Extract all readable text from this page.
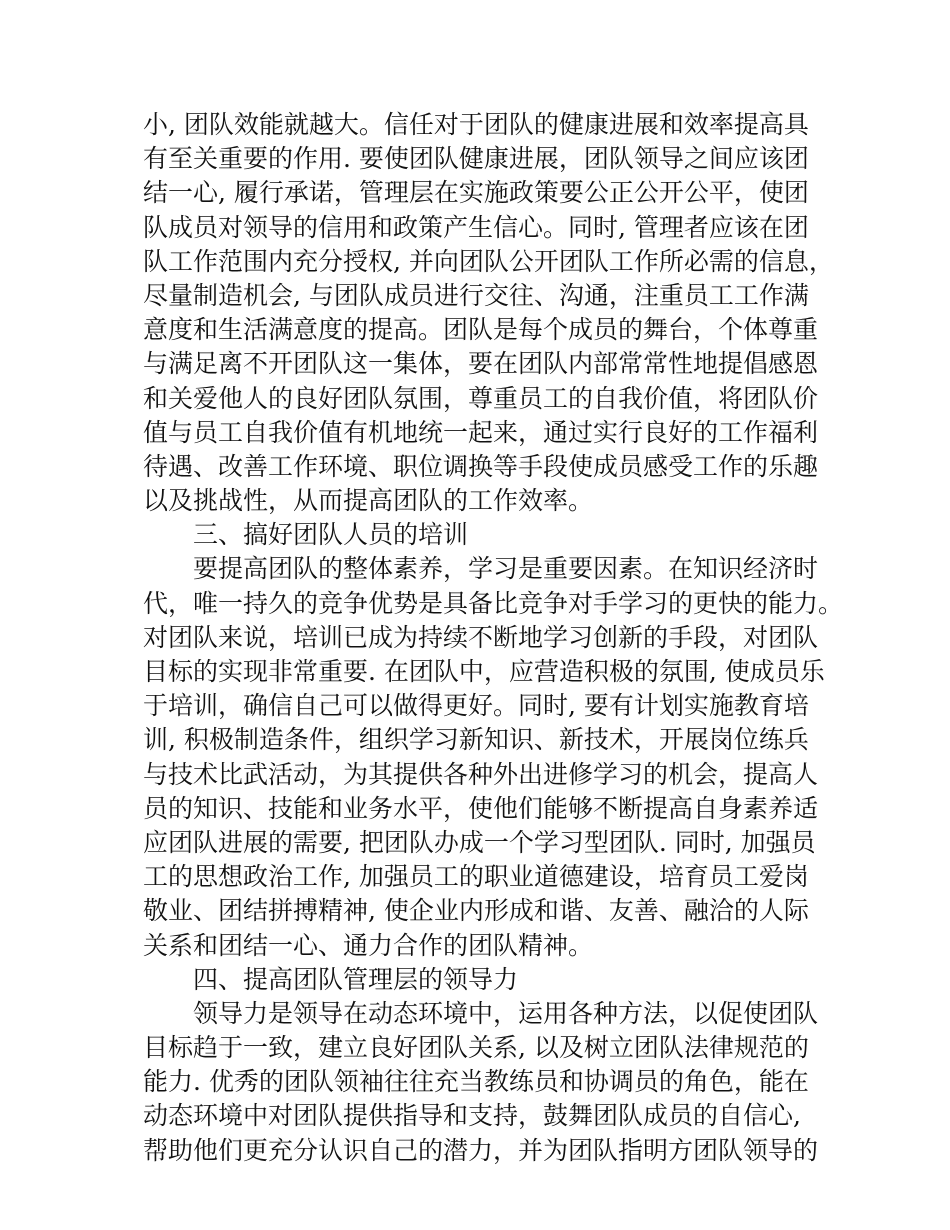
小, 团队效能就越大。信任对于团队的健康进展和效率提高具
有至关重要的作用. 要使团队健康进展，团队领导之间应该团
结一心, 履行承诺，管理层在实施政策要公正公开公平，使团
队成员对领导的信用和政策产生信心。同时, 管理者应该在团
队工作范围内充分授权, 并向团队公开团队工作所必需的信息，
尽量制造机会, 与团队成员进行交往、沟通，注重员工工作满
意度和生活满意度的提高。团队是每个成员的舞台，个体尊重
与满足离不开团队这一集体，要在团队内部常常性地提倡感恩
和关爱他人的良好团队氛围，尊重员工的自我价值，将团队价
值与员工自我价值有机地统一起来，通过实行良好的工作福利
待遇、改善工作环境、职位调换等手段使成员感受工作的乐趣
以及挑战性，从而提高团队的工作效率。
三、搞好团队人员的培训
要提高团队的整体素养，学习是重要因素。在知识经济时
代，唯一持久的竞争优势是具备比竞争对手学习的更快的能力。
对团队来说，培训已成为持续不断地学习创新的手段，对团队
目标的实现非常重要. 在团队中，应营造积极的氛围, 使成员乐
于培训，确信自己可以做得更好。同时, 要有计划实施教育培
训, 积极制造条件，组织学习新知识、新技术，开展岗位练兵
与技术比武活动，为其提供各种外出进修学习的机会，提高人
员的知识、技能和业务水平，使他们能够不断提高自身素养适
应团队进展的需要, 把团队办成一个学习型团队. 同时, 加强员
工的思想政治工作, 加强员工的职业道德建设，培育员工爱岗
敬业、团结拼搏精神, 使企业内形成和谐、友善、融洽的人际
关系和团结一心、通力合作的团队精神。
四、提高团队管理层的领导力
领导力是领导在动态环境中，运用各种方法，以促使团队
目标趋于一致，建立良好团队关系, 以及树立团队法律规范的
能力. 优秀的团队领袖往往充当教练员和协调员的角色，能在
动态环境中对团队提供指导和支持，鼓舞团队成员的自信心,
帮助他们更充分认识自己的潜力，并为团队指明方团队领导的
